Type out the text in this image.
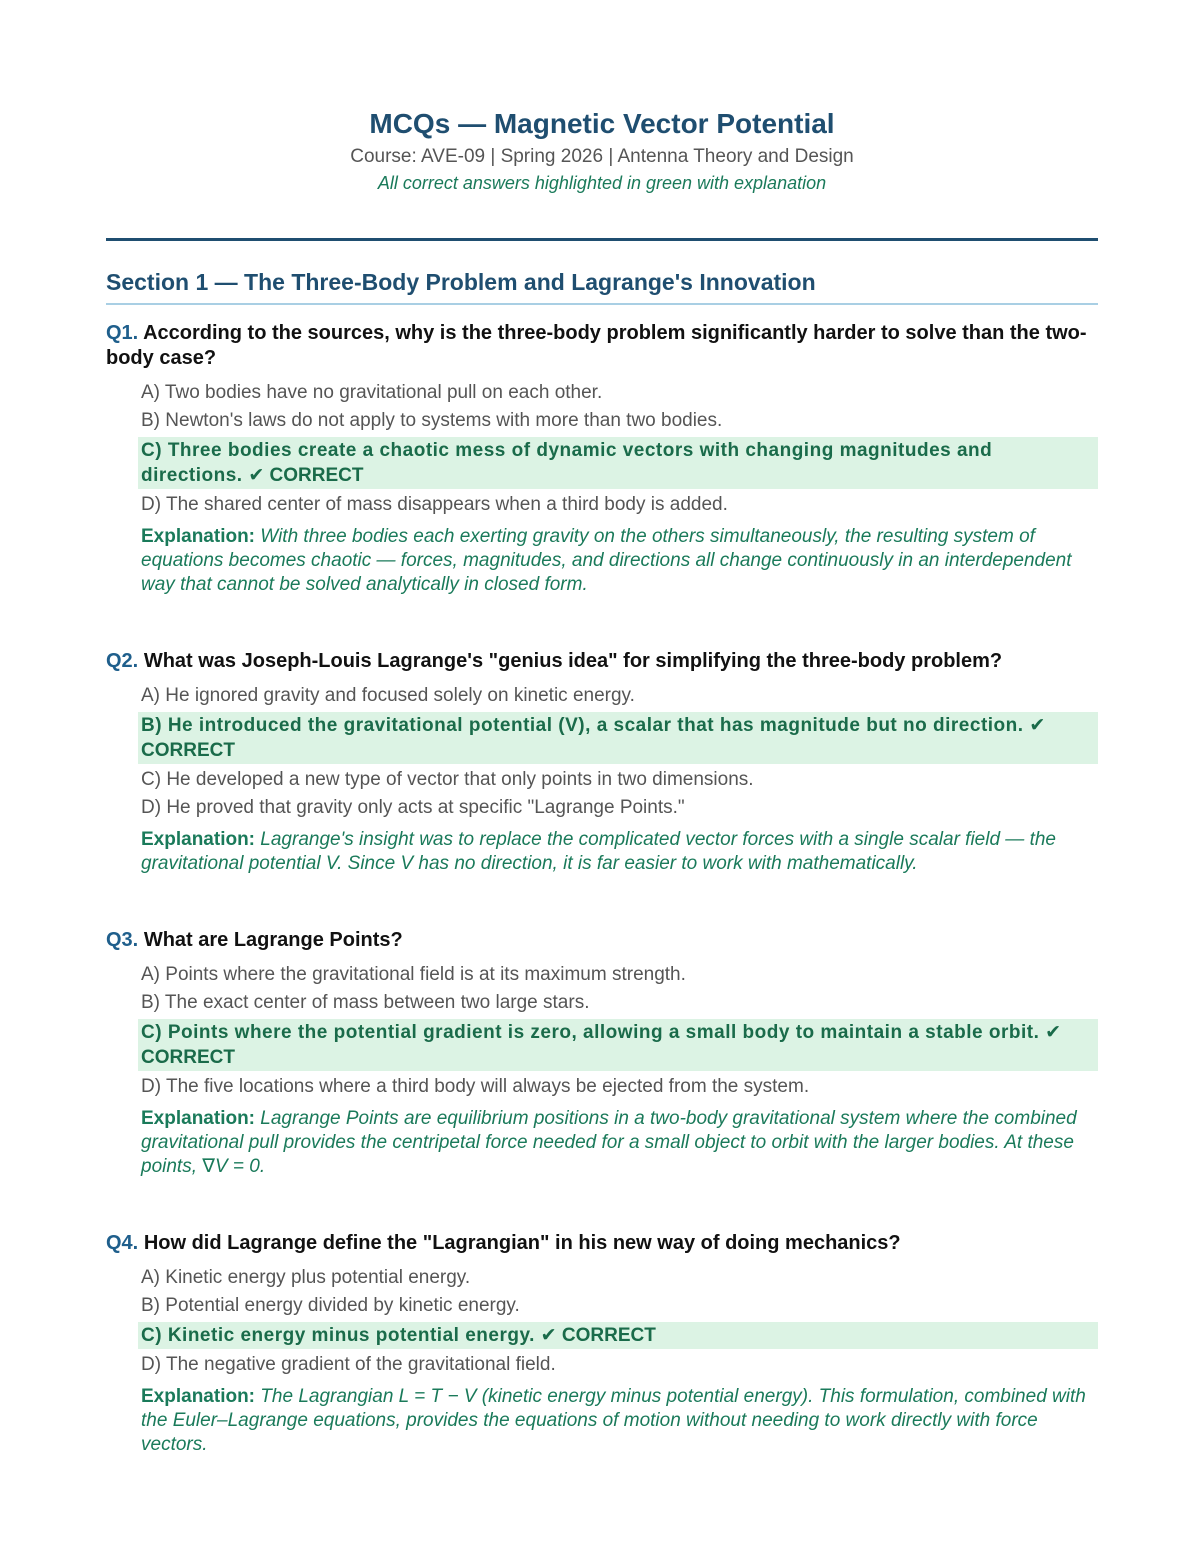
MCQs — Magnetic Vector Potential
Course: AVE-09 | Spring 2026 | Antenna Theory and Design
All correct answers highlighted in green with explanation
Section 1 — The Three-Body Problem and Lagrange's Innovation
Q1. According to the sources, why is the three-body problem significantly harder to solve than the two-body case?
A) Two bodies have no gravitational pull on each other.
B) Newton's laws do not apply to systems with more than two bodies.
C) Three bodies create a chaotic mess of dynamic vectors with changing magnitudes and directions. ✔ CORRECT
D) The shared center of mass disappears when a third body is added.
Explanation: With three bodies each exerting gravity on the others simultaneously, the resulting system of equations becomes chaotic — forces, magnitudes, and directions all change continuously in an interdependent way that cannot be solved analytically in closed form.
Q2. What was Joseph-Louis Lagrange's "genius idea" for simplifying the three-body problem?
A) He ignored gravity and focused solely on kinetic energy.
B) He introduced the gravitational potential (V), a scalar that has magnitude but no direction. ✔ CORRECT
C) He developed a new type of vector that only points in two dimensions.
D) He proved that gravity only acts at specific "Lagrange Points."
Explanation: Lagrange's insight was to replace the complicated vector forces with a single scalar field — the gravitational potential V. Since V has no direction, it is far easier to work with mathematically.
Q3. What are Lagrange Points?
A) Points where the gravitational field is at its maximum strength.
B) The exact center of mass between two large stars.
C) Points where the potential gradient is zero, allowing a small body to maintain a stable orbit. ✔ CORRECT
D) The five locations where a third body will always be ejected from the system.
Explanation: Lagrange Points are equilibrium positions in a two-body gravitational system where the combined gravitational pull provides the centripetal force needed for a small object to orbit with the larger bodies. At these points, ∇V = 0.
Q4. How did Lagrange define the "Lagrangian" in his new way of doing mechanics?
A) Kinetic energy plus potential energy.
B) Potential energy divided by kinetic energy.
C) Kinetic energy minus potential energy. ✔ CORRECT
D) The negative gradient of the gravitational field.
Explanation: The Lagrangian L = T − V (kinetic energy minus potential energy). This formulation, combined with the Euler–Lagrange equations, provides the equations of motion without needing to work directly with force vectors.
